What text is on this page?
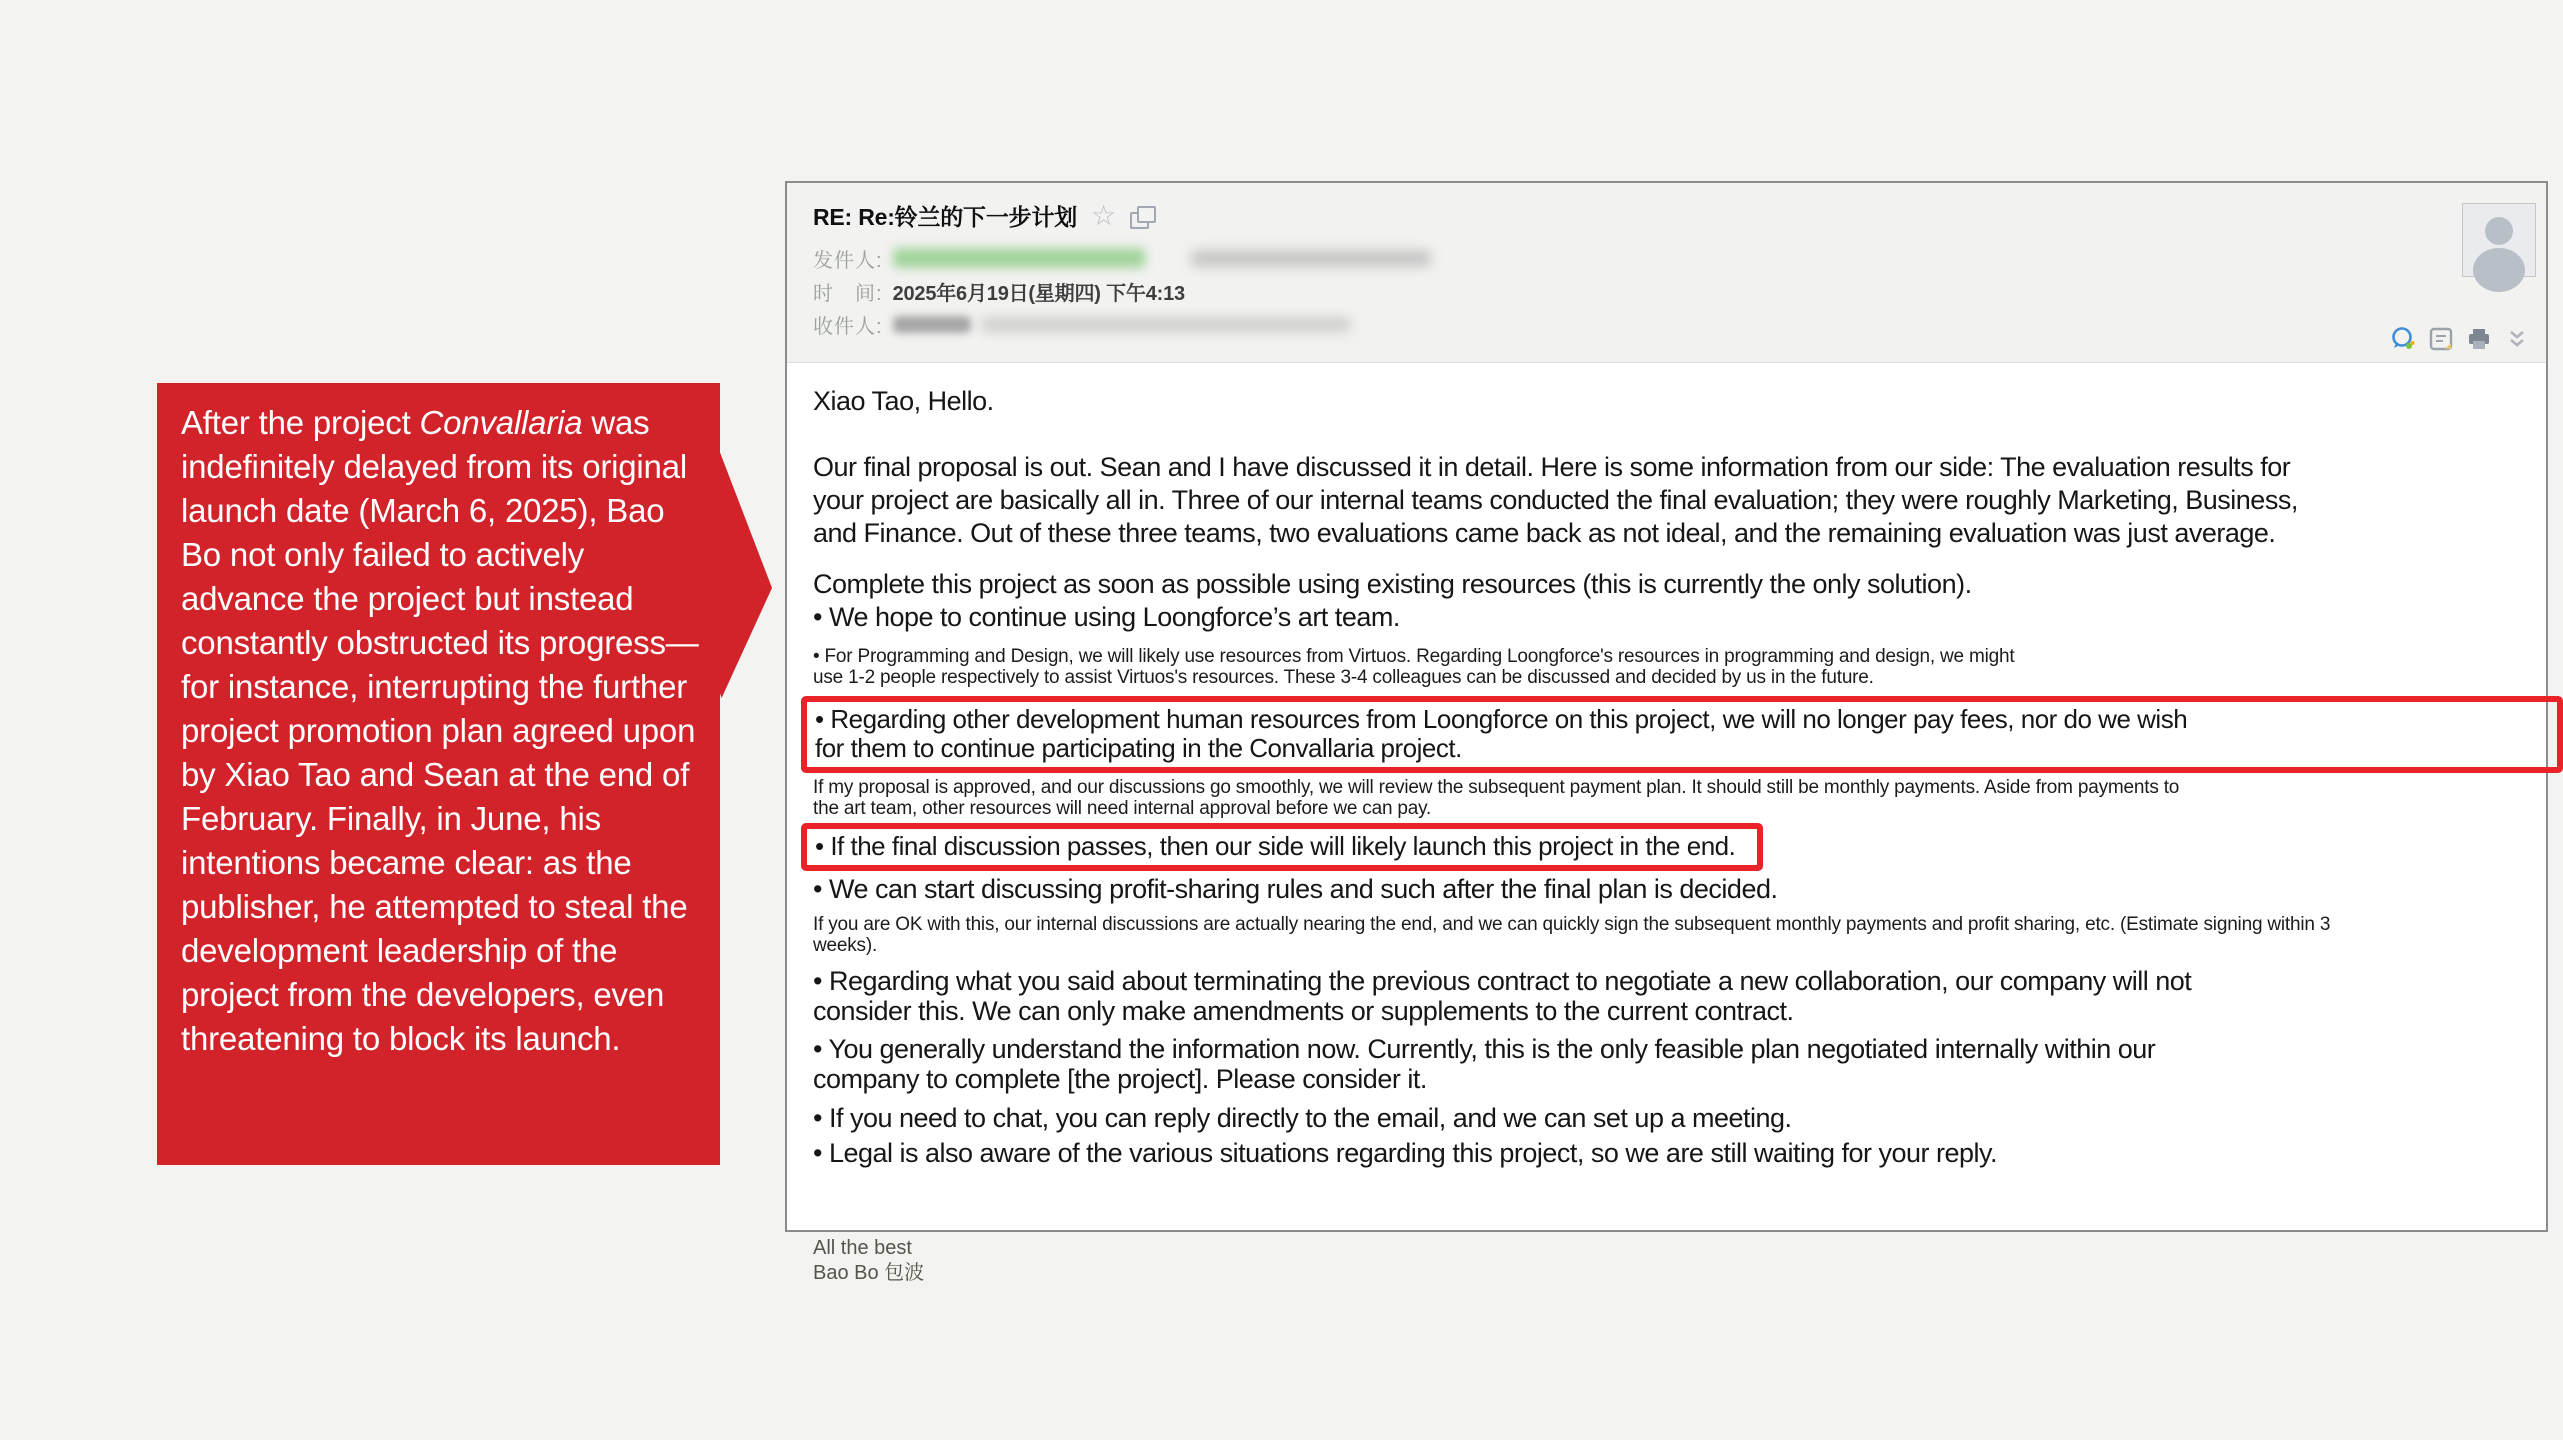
After the project Convallaria was indefinitely delayed from its original launch date (March 6, 2025), Bao Bo not only failed to actively advance the project but instead constantly obstructed its progress—for instance, interrupting the further project promotion plan agreed upon by Xiao Tao and Sean at the end of February. Finally, in June, his intentions became clear: as the publisher, he attempted to steal the development leadership of the project from the developers, even threatening to block its launch.
RE: Re:铃兰的下一步计划 ☆
发件人:
时　间: 2025年6月19日(星期四) 下午4:13
收件人:
Xiao Tao, Hello.
Our final proposal is out. Sean and I have discussed it in detail. Here is some information from our side: The evaluation results for
your project are basically all in. Three of our internal teams conducted the final evaluation; they were roughly Marketing, Business,
and Finance. Out of these three teams, two evaluations came back as not ideal, and the remaining evaluation was just average.
Complete this project as soon as possible using existing resources (this is currently the only solution).
• We hope to continue using Loongforce’s art team.
• For Programming and Design, we will likely use resources from Virtuos. Regarding Loongforce's resources in programming and design, we might
use 1-2 people respectively to assist Virtuos's resources. These 3-4 colleagues can be discussed and decided by us in the future.
• Regarding other development human resources from Loongforce on this project, we will no longer pay fees, nor do we wish
for them to continue participating in the Convallaria project.
If my proposal is approved, and our discussions go smoothly, we will review the subsequent payment plan. It should still be monthly payments. Aside from payments to
the art team, other resources will need internal approval before we can pay.
• If the final discussion passes, then our side will likely launch this project in the end.
• We can start discussing profit-sharing rules and such after the final plan is decided.
If you are OK with this, our internal discussions are actually nearing the end, and we can quickly sign the subsequent monthly payments and profit sharing, etc. (Estimate signing within 3
weeks).
• Regarding what you said about terminating the previous contract to negotiate a new collaboration, our company will not
consider this. We can only make amendments or supplements to the current contract.
• You generally understand the information now. Currently, this is the only feasible plan negotiated internally within our
company to complete [the project]. Please consider it.
• If you need to chat, you can reply directly to the email, and we can set up a meeting.
• Legal is also aware of the various situations regarding this project, so we are still waiting for your reply.
All the best
Bao Bo 包波
